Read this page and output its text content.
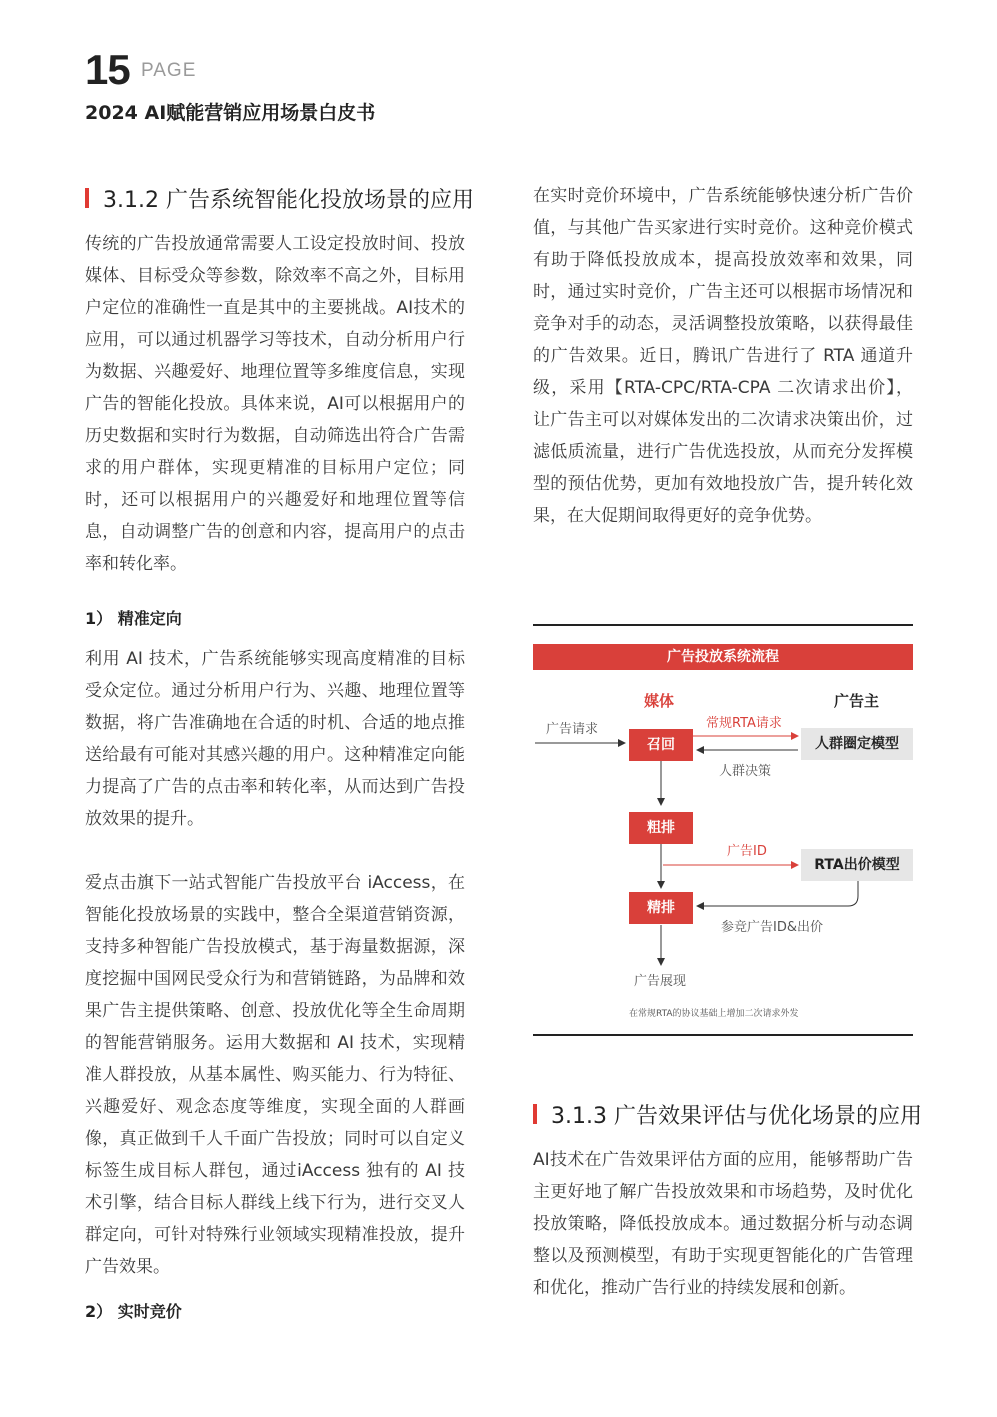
15 PAGE
2024 AI赋能营销应用场景白皮书
3.1.2 广告系统智能化投放场景的应用

传统的广告投放通常需要人工设定投放时间、投放媒体、目标受众等参数，除效率不高之外，目标用户定位的准确性一直是其中的主要挑战。AI技术的应用，可以通过机器学习等技术，自动分析用户行为数据、兴趣爱好、地理位置等多维度信息，实现广告的智能化投放。具体来说，AI可以根据用户的历史数据和实时行为数据，自动筛选出符合广告需求的用户群体，实现更精准的目标用户定位；同时，还可以根据用户的兴趣爱好和地理位置等信息，自动调整广告的创意和内容，提高用户的点击率和转化率。

1） 精准定向

利用 AI 技术，广告系统能够实现高度精准的目标受众定位。通过分析用户行为、兴趣、地理位置等数据，将广告准确地在合适的时机、合适的地点推送给最有可能对其感兴趣的用户。这种精准定向能力提高了广告的点击率和转化率，从而达到广告投放效果的提升。

爱点击旗下一站式智能广告投放平台 iAccess，在智能化投放场景的实践中，整合全渠道营销资源，支持多种智能广告投放模式，基于海量数据源，深度挖掘中国网民受众行为和营销链路，为品牌和效果广告主提供策略、创意、投放优化等全生命周期的智能营销服务。运用大数据和 AI 技术，实现精准人群投放，从基本属性、购买能力、行为特征、兴趣爱好、观念态度等维度，实现全面的人群画像，真正做到千人千面广告投放；同时可以自定义标签生成目标人群包，通过iAccess 独有的 AI 技术引擎，结合目标人群线上线下行为，进行交叉人群定向，可针对特殊行业领域实现精准投放，提升广告效果。

2） 实时竞价

在实时竞价环境中，广告系统能够快速分析广告价值，与其他广告买家进行实时竞价。这种竞价模式有助于降低投放成本，提高投放效率和效果，同时，通过实时竞价，广告主还可以根据市场情况和竞争对手的动态，灵活调整投放策略，以获得最佳的广告效果。近日，腾讯广告进行了 RTA 通道升级，采用【RTA-CPC/RTA-CPA 二次请求出价】，让广告主可以对媒体发出的二次请求决策出价，过滤低质流量，进行广告优选投放，从而充分发挥模型的预估优势，更加有效地投放广告，提升转化效果，在大促期间取得更好的竞争优势。

广告投放系统流程
媒体	广告主
广告请求	常规RTA请求
人群决策
广告ID
参竞广告ID&出价
广告展现
召回
粗排
精排
人群圈定模型
RTA出价模型
在常规RTA的协议基础上增加二次请求外发
3.1.3 广告效果评估与优化场景的应用

AI技术在广告效果评估方面的应用，能够帮助广告主更好地了解广告投放效果和市场趋势，及时优化投放策略，降低投放成本。通过数据分析与动态调整以及预测模型，有助于实现更智能化的广告管理和优化，推动广告行业的持续发展和创新。
